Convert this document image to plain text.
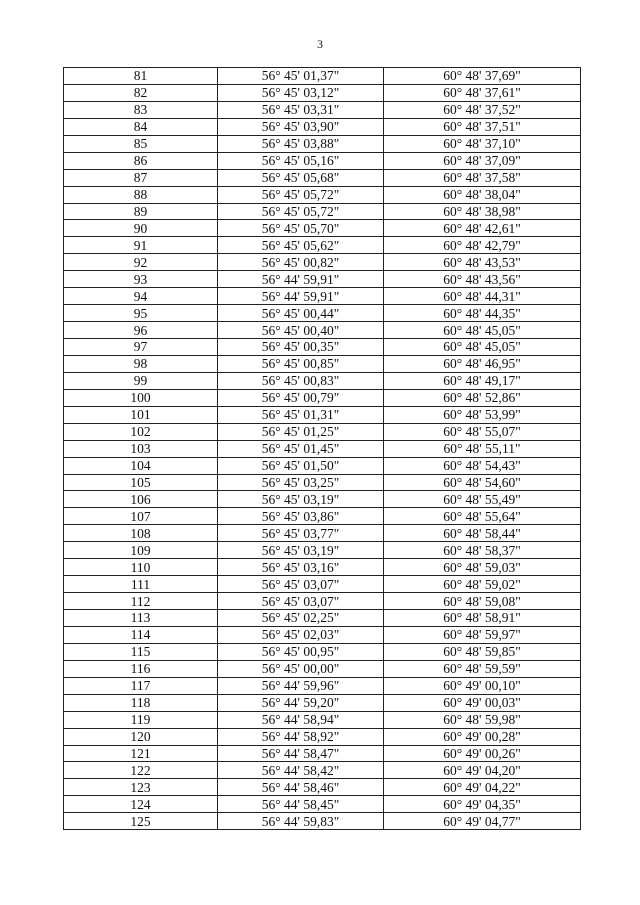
3
81	56° 45' 01,37"	60° 48' 37,69"
82	56° 45' 03,12"	60° 48' 37,61"
83	56° 45' 03,31"	60° 48' 37,52"
84	56° 45' 03,90"	60° 48' 37,51"
85	56° 45' 03,88"	60° 48' 37,10"
86	56° 45' 05,16"	60° 48' 37,09"
87	56° 45' 05,68"	60° 48' 37,58"
88	56° 45' 05,72"	60° 48' 38,04"
89	56° 45' 05,72"	60° 48' 38,98"
90	56° 45' 05,70"	60° 48' 42,61"
91	56° 45' 05,62"	60° 48' 42,79"
92	56° 45' 00,82"	60° 48' 43,53"
93	56° 44' 59,91"	60° 48' 43,56"
94	56° 44' 59,91"	60° 48' 44,31"
95	56° 45' 00,44"	60° 48' 44,35"
96	56° 45' 00,40"	60° 48' 45,05"
97	56° 45' 00,35"	60° 48' 45,05"
98	56° 45' 00,85"	60° 48' 46,95"
99	56° 45' 00,83"	60° 48' 49,17"
100	56° 45' 00,79"	60° 48' 52,86"
101	56° 45' 01,31"	60° 48' 53,99"
102	56° 45' 01,25"	60° 48' 55,07"
103	56° 45' 01,45"	60° 48' 55,11"
104	56° 45' 01,50"	60° 48' 54,43"
105	56° 45' 03,25"	60° 48' 54,60"
106	56° 45' 03,19"	60° 48' 55,49"
107	56° 45' 03,86"	60° 48' 55,64"
108	56° 45' 03,77"	60° 48' 58,44"
109	56° 45' 03,19"	60° 48' 58,37"
110	56° 45' 03,16"	60° 48' 59,03"
111	56° 45' 03,07"	60° 48' 59,02"
112	56° 45' 03,07"	60° 48' 59,08"
113	56° 45' 02,25"	60° 48' 58,91"
114	56° 45' 02,03"	60° 48' 59,97"
115	56° 45' 00,95"	60° 48' 59,85"
116	56° 45' 00,00"	60° 48' 59,59"
117	56° 44' 59,96"	60° 49' 00,10"
118	56° 44' 59,20"	60° 49' 00,03"
119	56° 44' 58,94"	60° 48' 59,98"
120	56° 44' 58,92"	60° 49' 00,28"
121	56° 44' 58,47"	60° 49' 00,26"
122	56° 44' 58,42"	60° 49' 04,20"
123	56° 44' 58,46"	60° 49' 04,22"
124	56° 44' 58,45"	60° 49' 04,35"
125	56° 44' 59,83"	60° 49' 04,77"
